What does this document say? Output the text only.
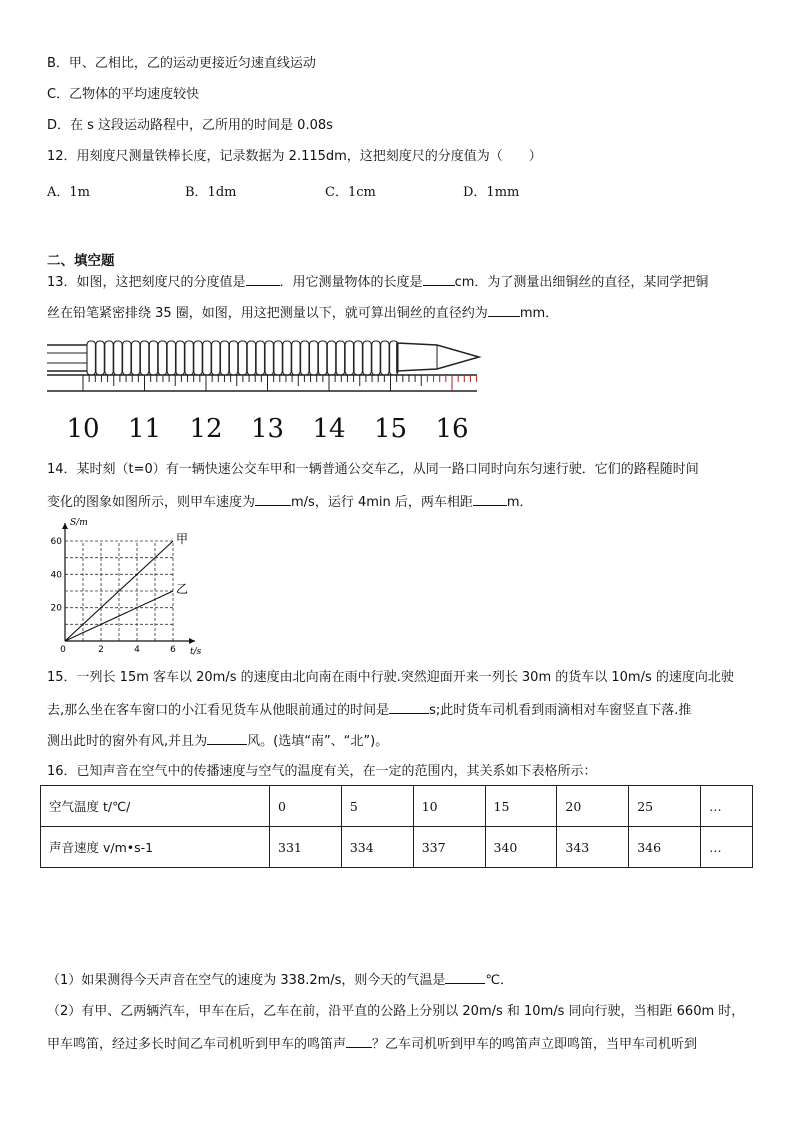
B．甲、乙相比，乙的运动更接近匀速直线运动
C．乙物体的平均速度较快
D．在 s 这段运动路程中，乙所用的时间是 0.08s
12．用刻度尺测量铁棒长度，记录数据为 2.115dm，这把刻度尺的分度值为（　　）
A．1m	B．1dm	C．1cm	D．1mm
二、填空题
13．如图，这把刻度尺的分度值是	．用它测量物体的长度是 cm．为了测量出细铜丝的直径，某同学把铜
丝在铅笔紧密排绕 35 圈，如图，用这把测量以下，就可算出铜丝的直径约为 mm．
10 11 12 13 14 15 16
14．某时刻（t=0）有一辆快速公交车甲和一辆普通公交车乙，从同一路口同时向东匀速行驶．它们的路程随时间
变化的图象如图所示，则甲车速度为	m/s，运行 4min 后，两车相距	m．
0	2	4	6
20
40
60
t/s
S/m
甲
乙
15．一列长 15m 客车以 20m/s 的速度由北向南在雨中行驶.突然迎面开来一列长 30m 的货车以 10m/s 的速度向北驶
去,那么坐在客车窗口的小江看见货车从他眼前通过的时间是	s;此时货车司机看到雨滴相对车窗竖直下落.推
测出此时的窗外有风,并且为	风。(选填“南”、“北”)。
16．已知声音在空气中的传播速度与空气的温度有关，在一定的范围内，其关系如下表格所示：
空气温度 t/℃/	0	5	10	15	20	25	…
声音速度 v/m•s-1	331	334	337	340	343	346	…
（1）如果测得今天声音在空气的速度为 338.2m/s，则今天的气温是	℃．
（2）有甲、乙两辆汽车，甲车在后，乙车在前，沿平直的公路上分别以 20m/s 和 10m/s 同向行驶，当相距 660m 时，
甲车鸣笛，经过多长时间乙车司机听到甲车的鸣笛声 ？乙车司机听到甲车的鸣笛声立即鸣笛，当甲车司机听到
